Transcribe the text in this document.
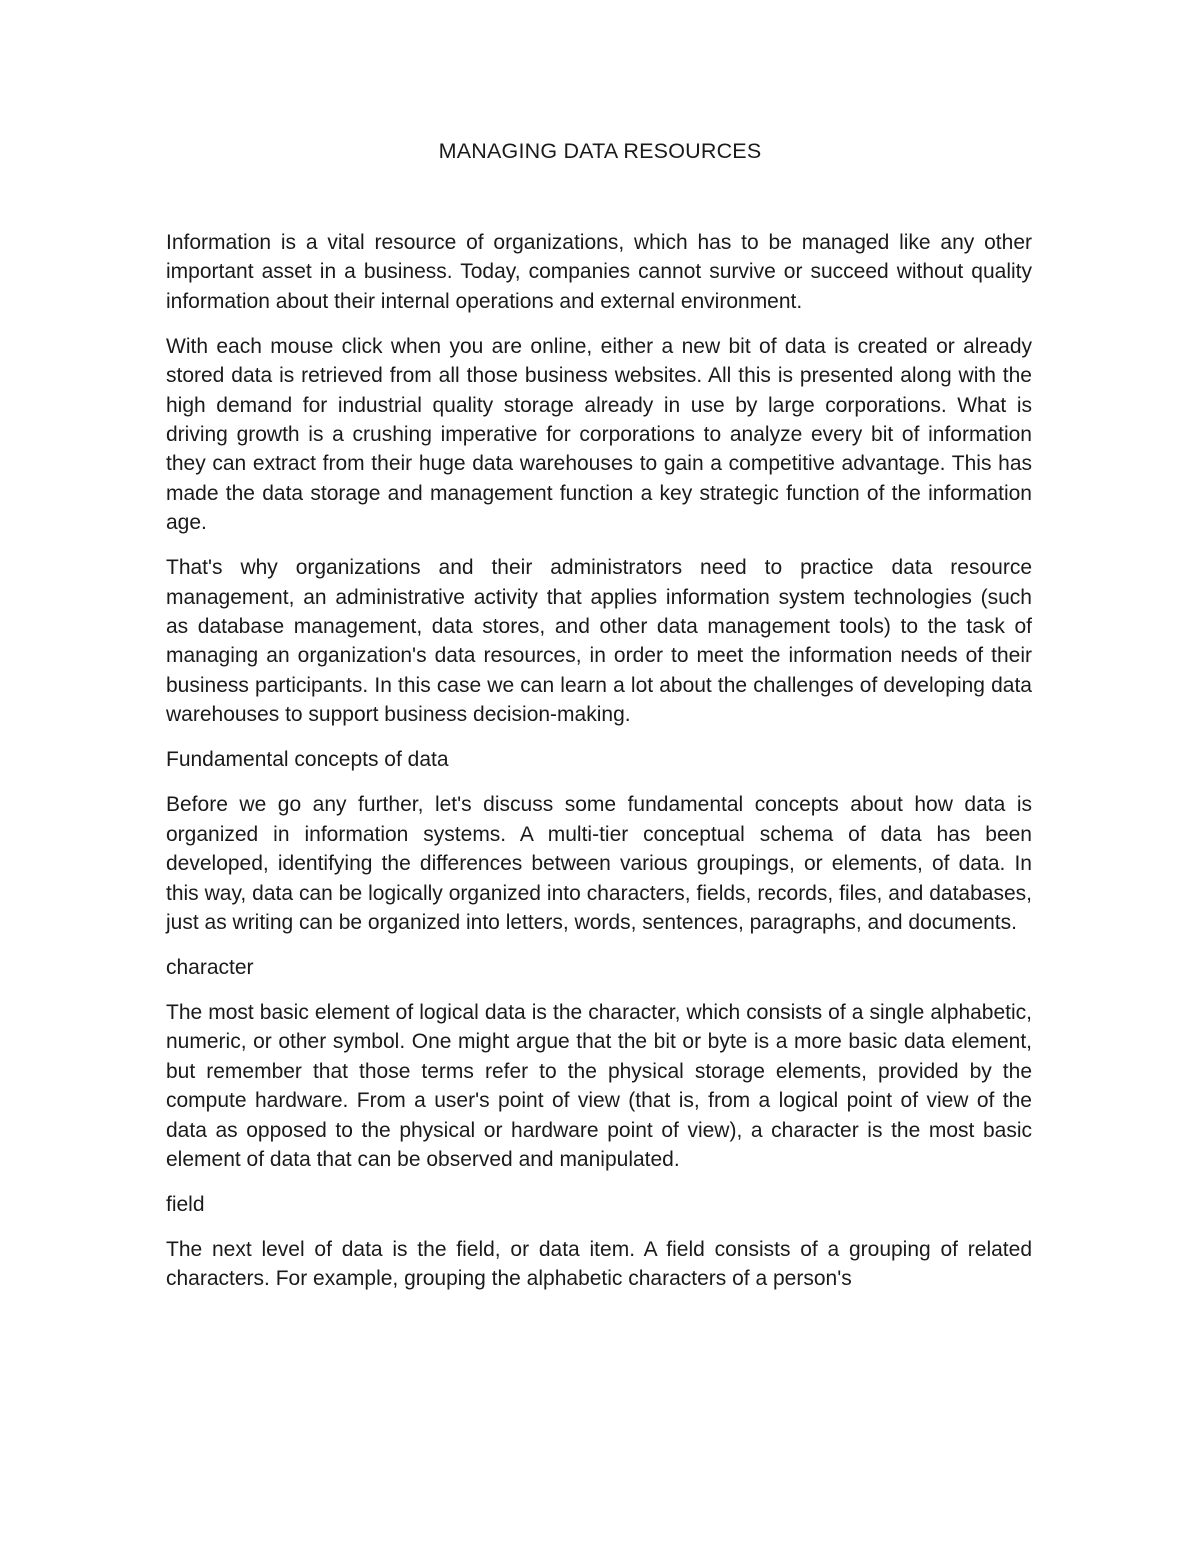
MANAGING DATA RESOURCES

Information is a vital resource of organizations, which has to be managed like any other important asset in a business. Today, companies cannot survive or succeed without quality information about their internal operations and external environment.

With each mouse click when you are online, either a new bit of data is created or already stored data is retrieved from all those business websites. All this is presented along with the high demand for industrial quality storage already in use by large corporations. What is driving growth is a crushing imperative for corporations to analyze every bit of information they can extract from their huge data warehouses to gain a competitive advantage. This has made the data storage and management function a key strategic function of the information age.

That's why organizations and their administrators need to practice data resource management, an administrative activity that applies information system technologies (such as database management, data stores, and other data management tools) to the task of managing an organization's data resources, in order to meet the information needs of their business participants. In this case we can learn a lot about the challenges of developing data warehouses to support business decision-making.

Fundamental concepts of data

Before we go any further, let's discuss some fundamental concepts about how data is organized in information systems. A multi-tier conceptual schema of data has been developed, identifying the differences between various groupings, or elements, of data. In this way, data can be logically organized into characters, fields, records, files, and databases, just as writing can be organized into letters, words, sentences, paragraphs, and documents.

character

The most basic element of logical data is the character, which consists of a single alphabetic, numeric, or other symbol. One might argue that the bit or byte is a more basic data element, but remember that those terms refer to the physical storage elements, provided by the compute hardware. From a user's point of view (that is, from a logical point of view of the data as opposed to the physical or hardware point of view), a character is the most basic element of data that can be observed and manipulated.

field

The next level of data is the field, or data item. A field consists of a grouping of related characters. For example, grouping the alphabetic characters of a person's
